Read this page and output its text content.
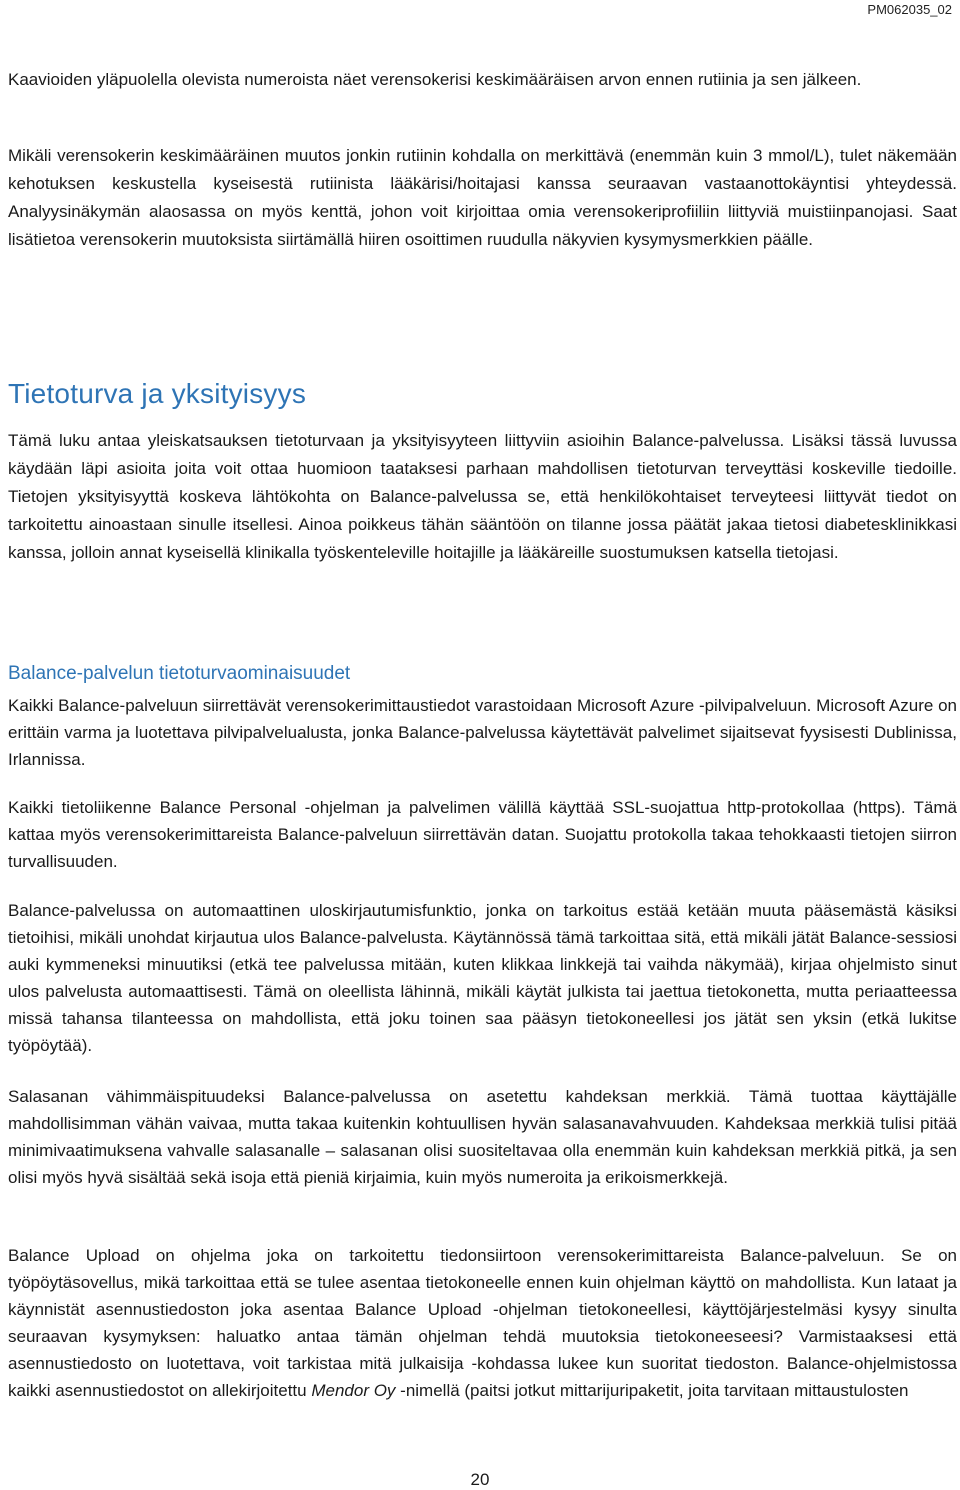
PM062035_02

Kaavioiden yläpuolella olevista numeroista näet verensokerisi keskimääräisen arvon ennen rutiinia ja sen jälkeen.

Mikäli verensokerin keskimääräinen muutos jonkin rutiinin kohdalla on merkittävä (enemmän kuin 3 mmol/L), tulet näkemään kehotuksen keskustella kyseisestä rutiinista lääkärisi/hoitajasi kanssa seuraavan vastaanottokäyntisi yhteydessä. Analyysinäkymän alaosassa on myös kenttä, johon voit kirjoittaa omia verensokeriprofiiliin liittyviä muistiinpanojasi. Saat lisätietoa verensokerin muutoksista siirtämällä hiiren osoittimen ruudulla näkyvien kysymysmerkkien päälle.

Tietoturva ja yksityisyys

Tämä luku antaa yleiskatsauksen tietoturvaan ja yksityisyyteen liittyviin asioihin Balance-palvelussa. Lisäksi tässä luvussa käydään läpi asioita joita voit ottaa huomioon taataksesi parhaan mahdollisen tietoturvan terveyttäsi koskeville tiedoille. Tietojen yksityisyyttä koskeva lähtökohta on Balance-palvelussa se, että henkilökohtaiset terveyteesi liittyvät tiedot on tarkoitettu ainoastaan sinulle itsellesi. Ainoa poikkeus tähän sääntöön on tilanne jossa päätät jakaa tietosi diabetesklinikkasi kanssa, jolloin annat kyseisellä klinikalla työskenteleville hoitajille ja lääkäreille suostumuksen katsella tietojasi.

Balance-palvelun tietoturvaominaisuudet

Kaikki Balance-palveluun siirrettävät verensokerimittaustiedot varastoidaan Microsoft Azure -pilvipalveluun. Microsoft Azure on erittäin varma ja luotettava pilvipalvelualusta, jonka Balance-palvelussa käytettävät palvelimet sijaitsevat fyysisesti Dublinissa, Irlannissa.

Kaikki tietoliikenne Balance Personal -ohjelman ja palvelimen välillä käyttää SSL-suojattua http-protokollaa (https). Tämä kattaa myös verensokerimittareista Balance-palveluun siirrettävän datan. Suojattu protokolla takaa tehokkaasti tietojen siirron turvallisuuden.

Balance-palvelussa on automaattinen uloskirjautumisfunktio, jonka on tarkoitus estää ketään muuta pääsemästä käsiksi tietoihisi, mikäli unohdat kirjautua ulos Balance-palvelusta. Käytännössä tämä tarkoittaa sitä, että mikäli jätät Balance-sessiosi auki kymmeneksi minuutiksi (etkä tee palvelussa mitään, kuten klikkaa linkkejä tai vaihda näkymää), kirjaa ohjelmisto sinut ulos palvelusta automaattisesti. Tämä on oleellista lähinnä, mikäli käytät julkista tai jaettua tietokonetta, mutta periaatteessa missä tahansa tilanteessa on mahdollista, että joku toinen saa pääsyn tietokoneellesi jos jätät sen yksin (etkä lukitse työpöytää).

Salasanan vähimmäispituudeksi Balance-palvelussa on asetettu kahdeksan merkkiä. Tämä tuottaa käyttäjälle mahdollisimman vähän vaivaa, mutta takaa kuitenkin kohtuullisen hyvän salasanavahvuuden. Kahdeksaa merkkiä tulisi pitää minimivaatimuksena vahvalle salasanalle – salasanan olisi suositeltavaa olla enemmän kuin kahdeksan merkkiä pitkä, ja sen olisi myös hyvä sisältää sekä isoja että pieniä kirjaimia, kuin myös numeroita ja erikoismerkkejä.

Balance Upload on ohjelma joka on tarkoitettu tiedonsiirtoon verensokerimittareista Balance-palveluun. Se on työpöytäsovellus, mikä tarkoittaa että se tulee asentaa tietokoneelle ennen kuin ohjelman käyttö on mahdollista. Kun lataat ja käynnistät asennustiedoston joka asentaa Balance Upload -ohjelman tietokoneellesi, käyttöjärjestelmäsi kysyy sinulta seuraavan kysymyksen: haluatko antaa tämän ohjelman tehdä muutoksia tietokoneeseesi? Varmistaaksesi että asennustiedosto on luotettava, voit tarkistaa mitä julkaisija -kohdassa lukee kun suoritat tiedoston. Balance-ohjelmistossa kaikki asennustiedostot on allekirjoitettu Mendor Oy -nimellä (paitsi jotkut mittarijuripaketit, joita tarvitaan mittaustulosten

20
